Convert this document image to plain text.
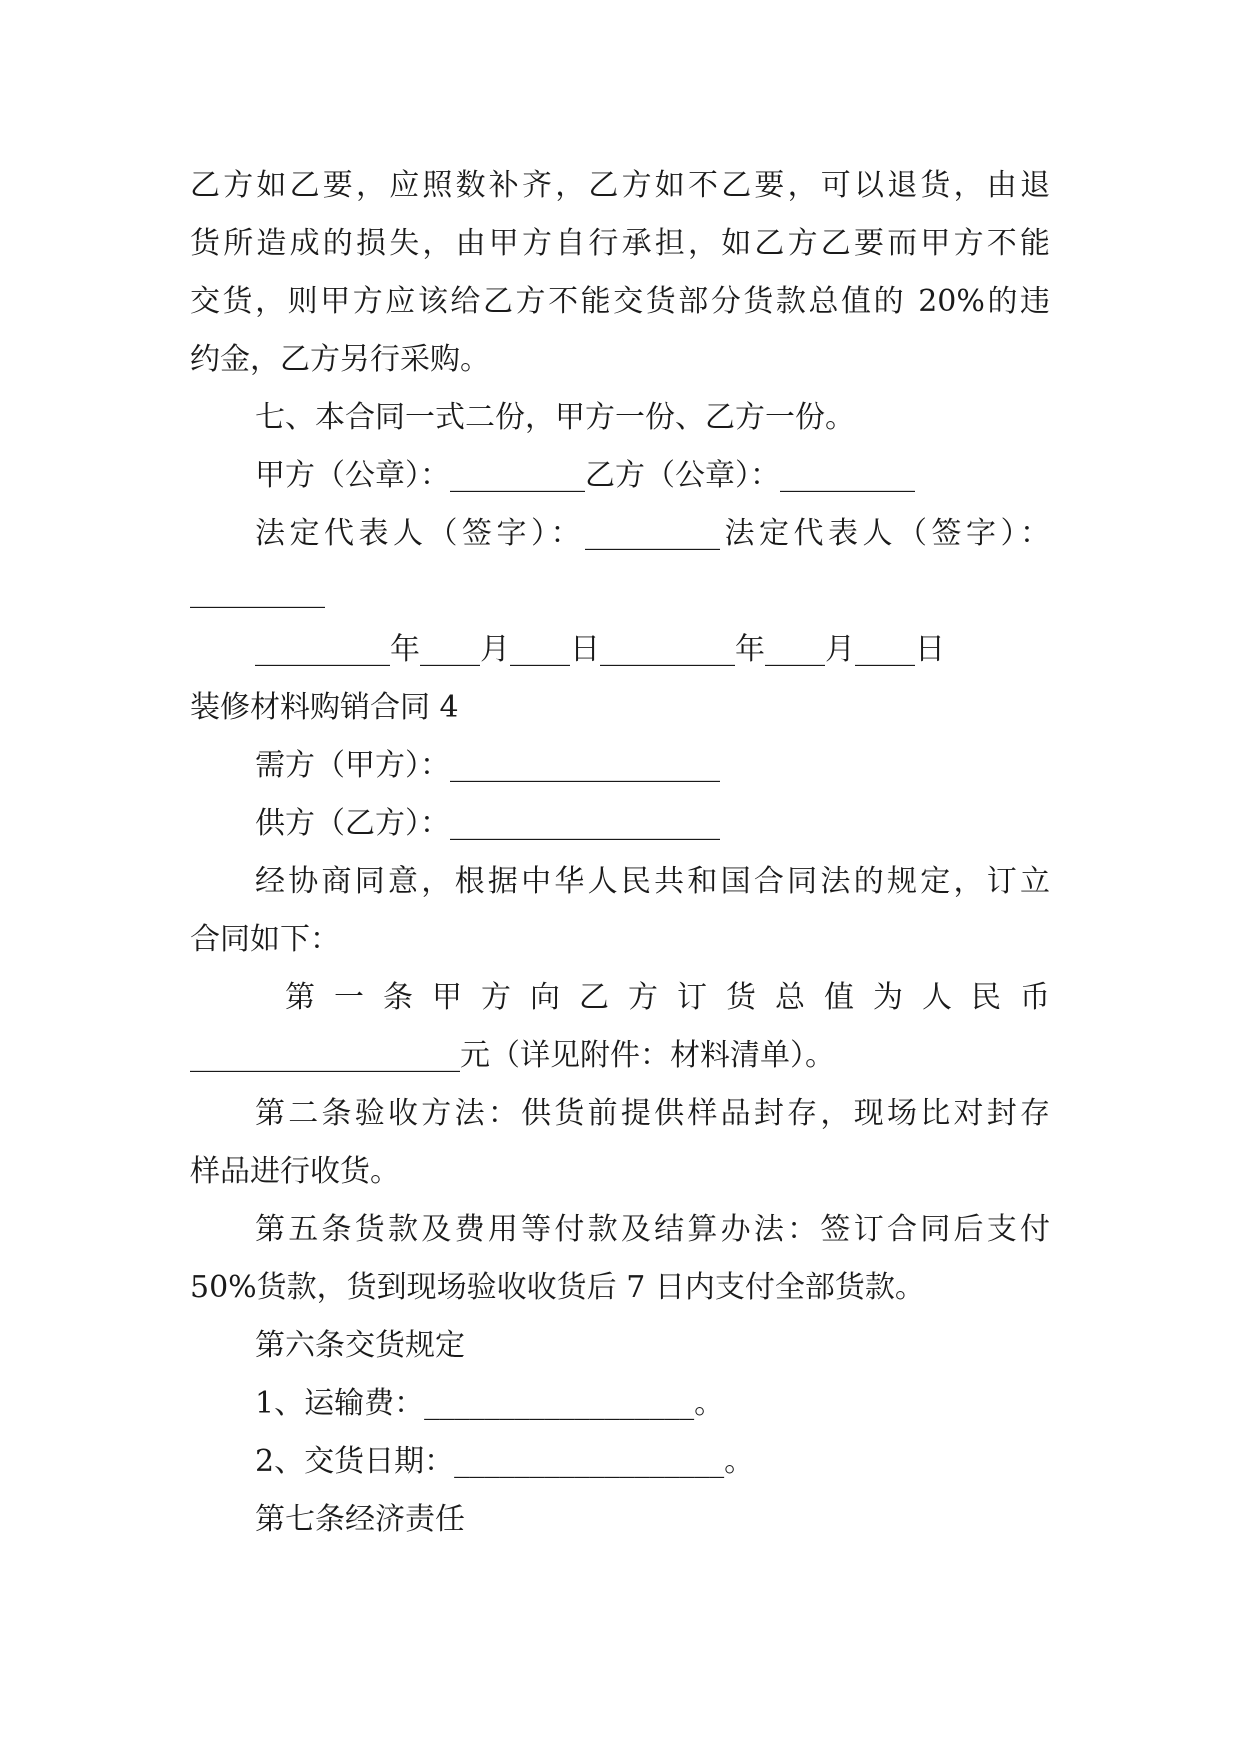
乙方如乙要，应照数补齐，乙方如不乙要，可以退货，由退
货所造成的损失，由甲方自行承担，如乙方乙要而甲方不能
交货，则甲方应该给乙方不能交货部分货款总值的 20%的违
约金，乙方另行采购。
七、本合同一式二份，甲方一份、乙方一份。
甲方（公章）：_________乙方（公章）：_________
法定代表人（签字）：_________法定代表人（签字）：
_________
_________年____月____日_________年____月____日
装修材料购销合同 4
需方（甲方）：__________________
供方（乙方）：__________________
经协商同意，根据中华人民共和国合同法的规定，订立
合同如下：
第 一 条 甲 方 向 乙 方 订 货 总 值 为 人 民 币
__________________元（详见附件：材料清单）。
第二条验收方法：供货前提供样品封存，现场比对封存
样品进行收货。
第五条货款及费用等付款及结算办法：签订合同后支付
50%货款，货到现场验收收货后 7 日内支付全部货款。
第六条交货规定
1、运输费：__________________。
2、交货日期：__________________。
第七条经济责任
